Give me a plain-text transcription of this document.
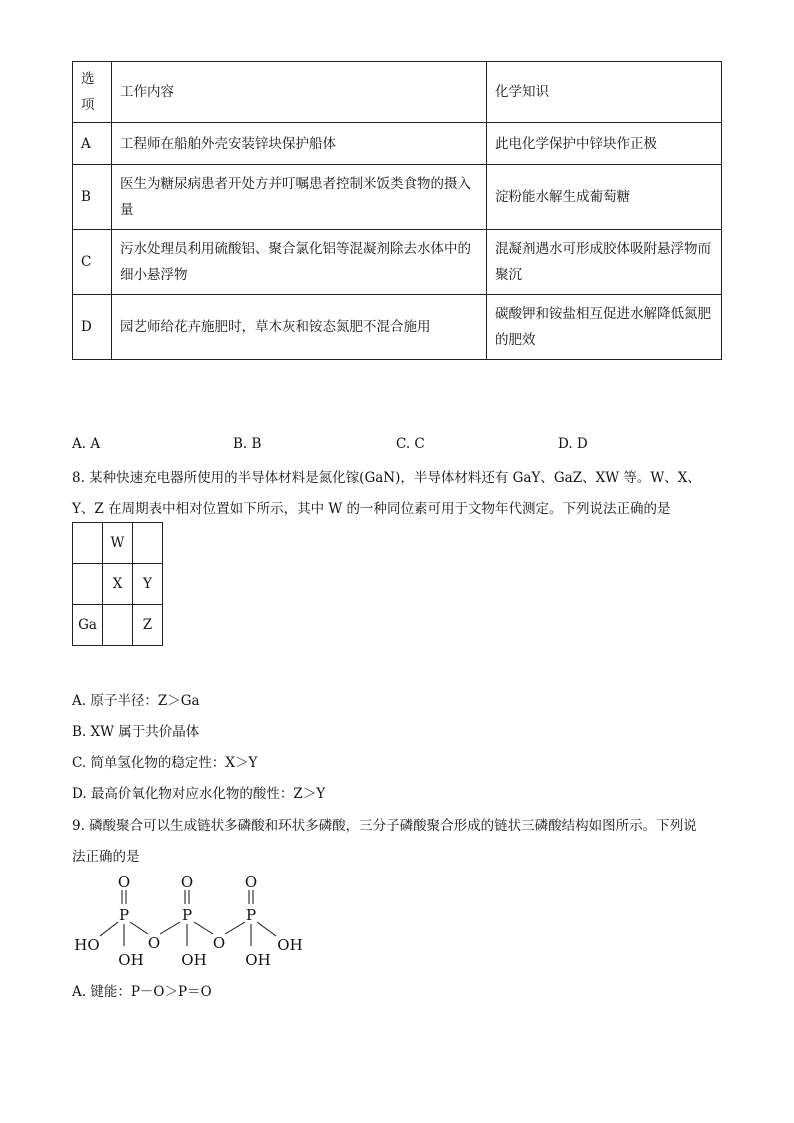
选项	工作内容	化学知识
A	工程师在船舶外壳安装锌块保护船体	此电化学保护中锌块作正极
B	医生为糖尿病患者开处方并叮嘱患者控制米饭类食物的摄入量	淀粉能水解生成葡萄糖
C	污水处理员利用硫酸铝、聚合氯化铝等混凝剂除去水体中的细小悬浮物	混凝剂遇水可形成胶体吸附悬浮物而聚沉
D	园艺师给花卉施肥时，草木灰和铵态氮肥不混合施用	碳酸钾和铵盐相互促进水解降低氮肥的肥效
A. A	B. B	C. C	D. D
8. 某种快速充电器所使用的半导体材料是氮化镓(GaN)，半导体材料还有 GaY、GaZ、XW 等。W、X、
Y、Z 在周期表中相对位置如下所示，其中 W 的一种同位素可用于文物年代测定。下列说法正确的是
	W	
	X	Y
Ga		Z
A. 原子半径：Z＞Ga
B. XW 属于共价晶体
C. 简单氢化物的稳定性：X＞Y
D. 最高价氧化物对应水化物的酸性：Z＞Y
9. 磷酸聚合可以生成链状多磷酸和环状多磷酸，三分子磷酸聚合形成的链状三磷酸结构如图所示。下列说
法正确的是
O	O	O
P	P	P
O	O
HO	OH
OH	OH	OH
A. 键能：P－O＞P＝O
